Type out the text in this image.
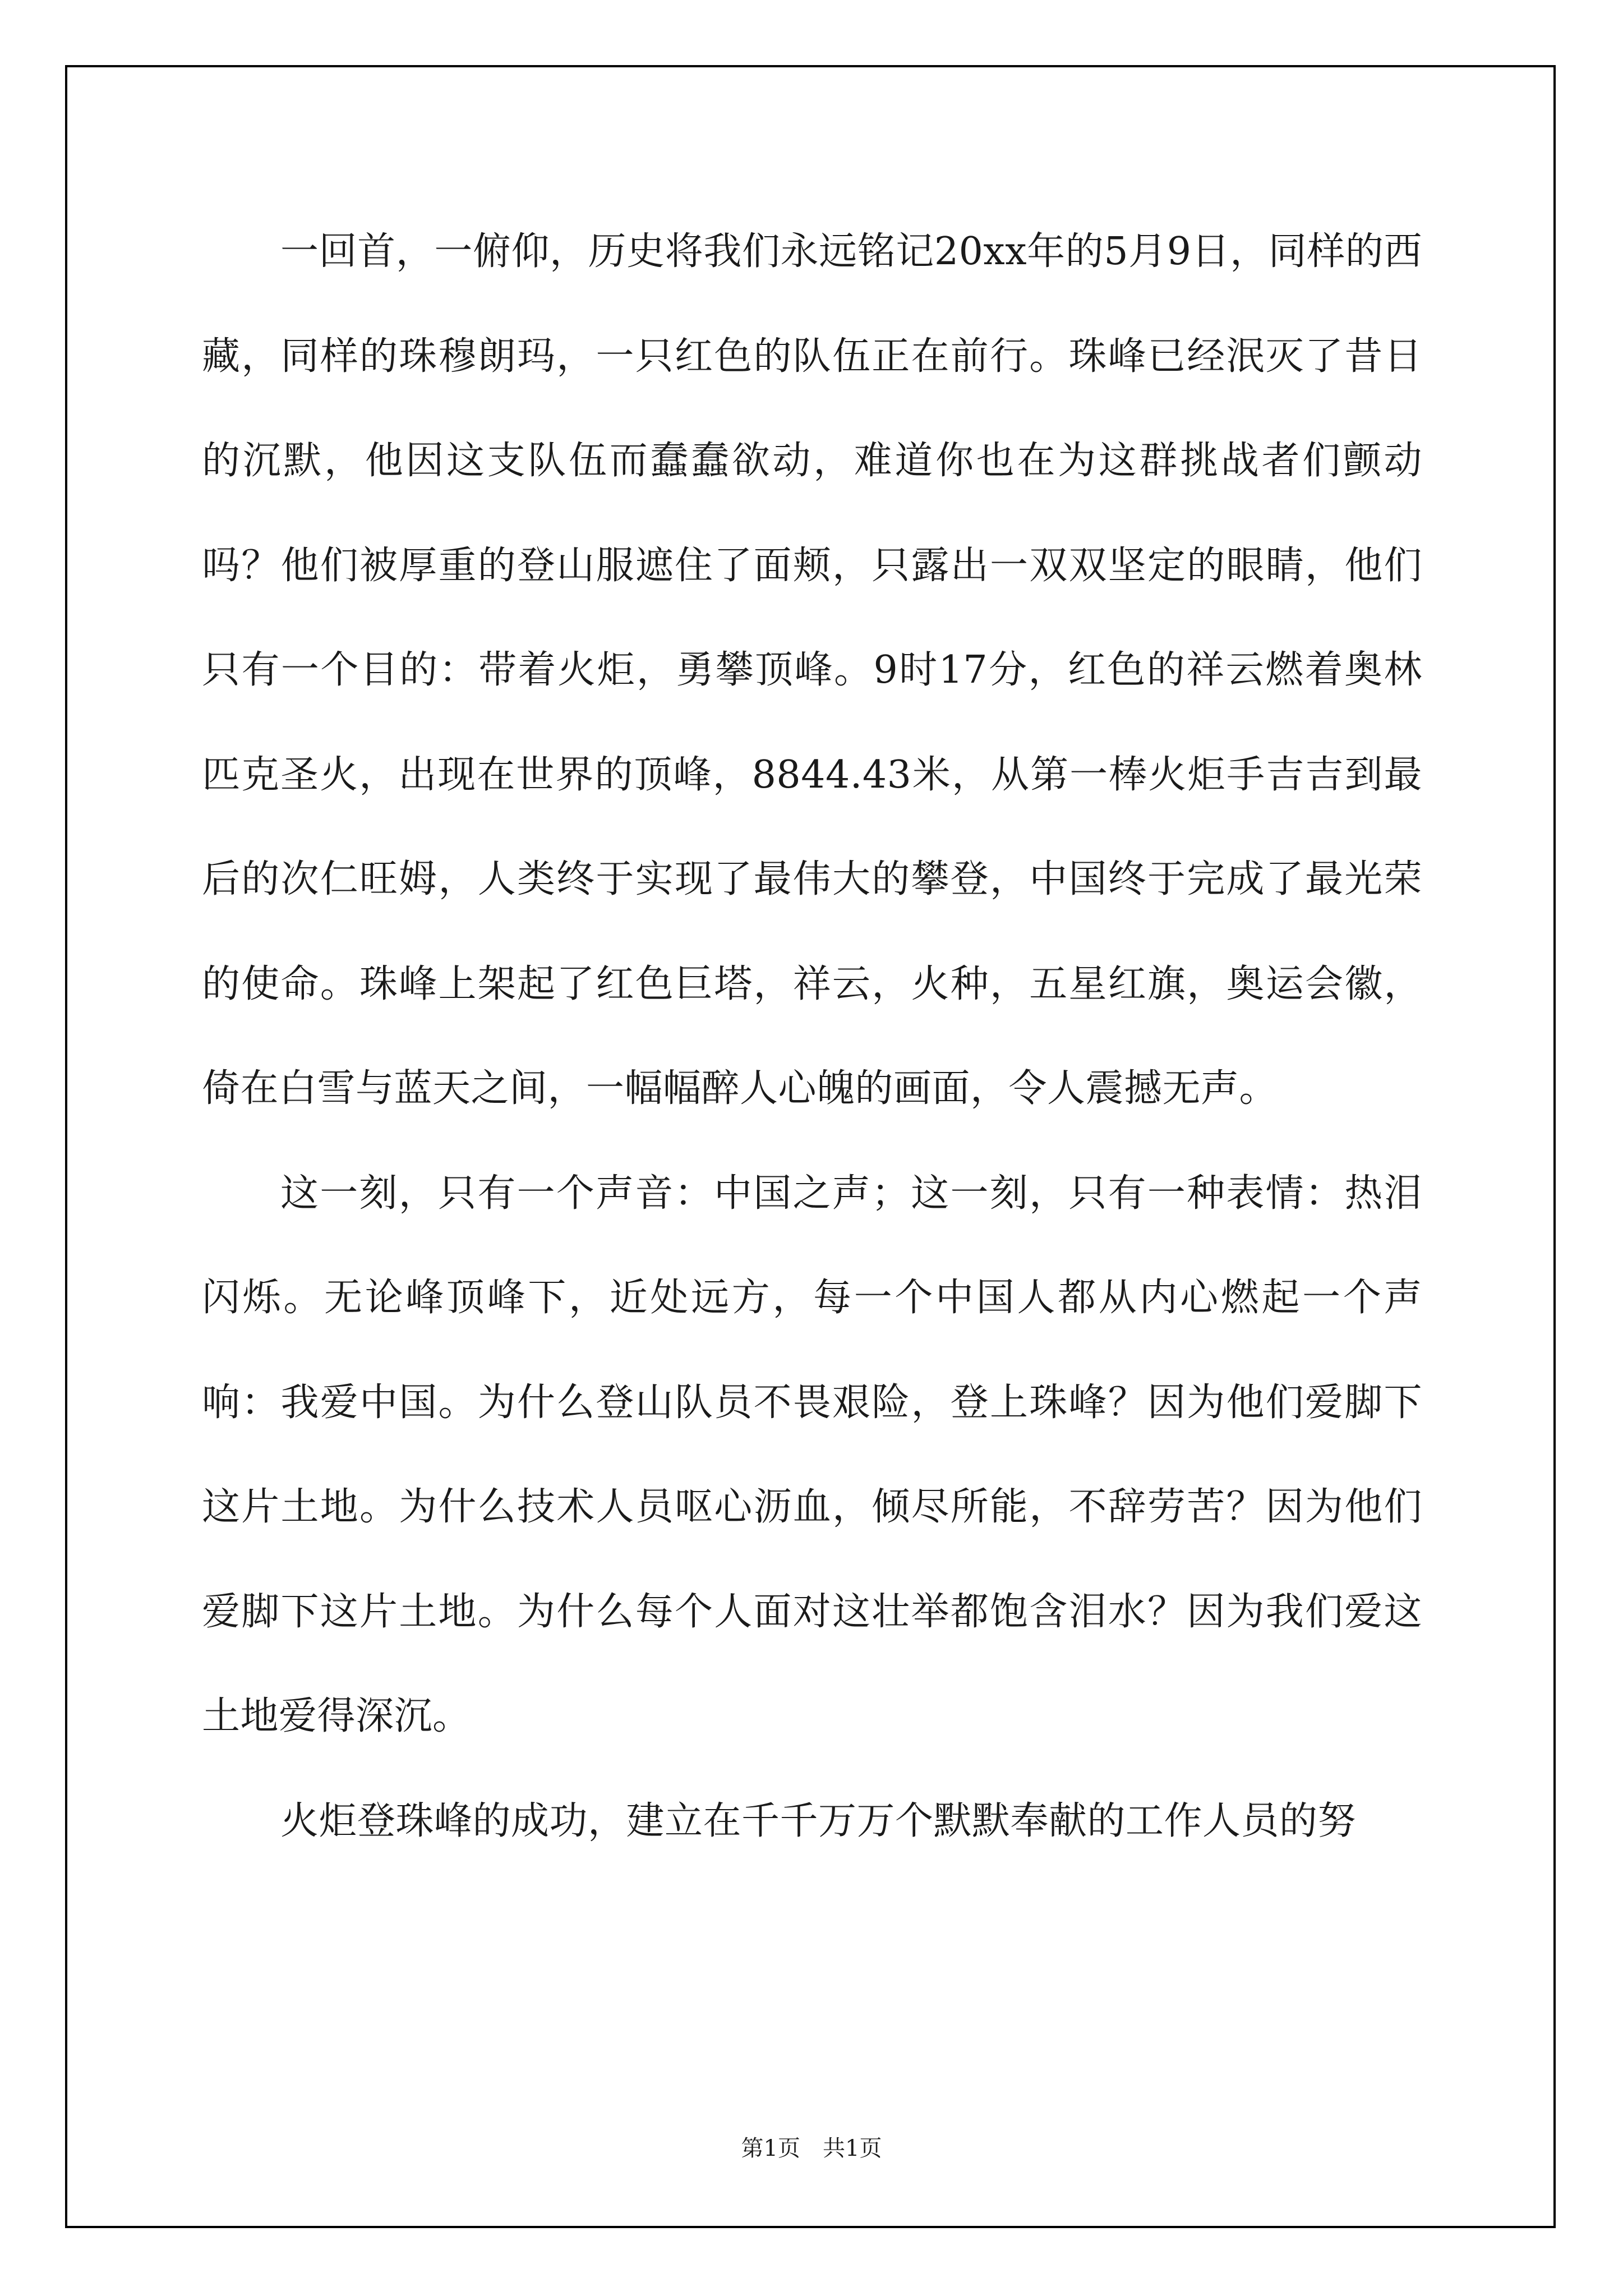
一回首，一俯仰，历史将我们永远铭记20xx年的5月9日，同样的西藏，同样的珠穆朗玛，一只红色的队伍正在前行。珠峰已经泯灭了昔日的沉默，他因这支队伍而蠢蠢欲动，难道你也在为这群挑战者们颤动吗？他们被厚重的登山服遮住了面颊，只露出一双双坚定的眼睛，他们只有一个目的：带着火炬，勇攀顶峰。9时17分，红色的祥云燃着奥林匹克圣火，出现在世界的顶峰，8844.43米，从第一棒火炬手吉吉到最后的次仁旺姆，人类终于实现了最伟大的攀登，中国终于完成了最光荣的使命。珠峰上架起了红色巨塔，祥云，火种，五星红旗，奥运会徽，倚在白雪与蓝天之间，一幅幅醉人心魄的画面，令人震撼无声。

这一刻，只有一个声音：中国之声；这一刻，只有一种表情：热泪闪烁。无论峰顶峰下，近处远方，每一个中国人都从内心燃起一个声响：我爱中国。为什么登山队员不畏艰险，登上珠峰？因为他们爱脚下这片土地。为什么技术人员呕心沥血，倾尽所能，不辞劳苦？因为他们爱脚下这片土地。为什么每个人面对这壮举都饱含泪水？因为我们爱这土地爱得深沉。

火炬登珠峰的成功，建立在千千万万个默默奉献的工作人员的努

第1页　共1页
